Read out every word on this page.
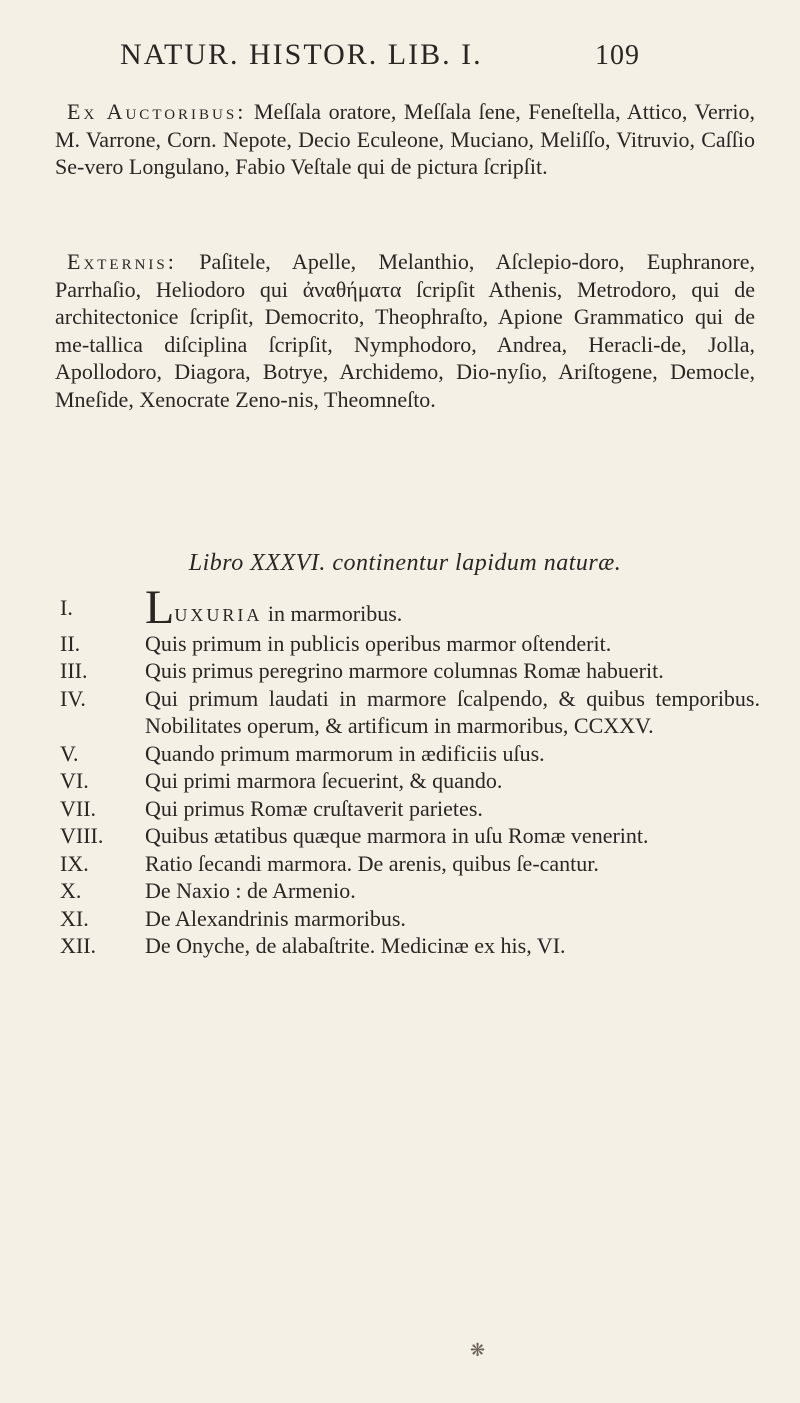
NATUR. HISTOR. LIB. I.	109

Ex Auctoribus: Meſſala oratore, Meſſala ſene, Feneſtella, Attico, Verrio, M. Varrone, Corn. Nepote, Decio Eculeone, Muciano, Meliſſo, Vitruvio, Caſſio Se‑vero Longulano, Fabio Veſtale qui de pictura ſcripſit.

Externis: Paſitele, Apelle, Melanthio, Aſclepio-doro, Euphranore, Parrhaſio, Heliodoro qui ἀναθήματα ſcripſit Athenis, Metrodoro, qui de architectonice ſcripſit, Democrito, Theophraſto, Apione Grammatico qui de me-tallica diſciplina ſcripſit, Nymphodoro, Andrea, Heracli-de, Jolla, Apollodoro, Diagora, Botrye, Archidemo, Dio-nyſio, Ariſtogene, Democle, Mneſide, Xenocrate Zeno-nis, Theomneſto.

Libro XXXVI. continentur lapidum naturæ.
I.	LUXURIA in marmoribus.
II.	Quis primum in publicis operibus marmor oſtenderit.
III.	Quis primus peregrino marmore columnas Romæ habuerit.
IV.	Qui primum laudati in marmore ſcalpendo, & quibus temporibus. Nobilitates operum, & artificum in marmoribus, CCXXV.
V.	Quando primum marmorum in ædificiis uſus.
VI.	Qui primi marmora ſecuerint, & quando.
VII.	Qui primus Romæ cruſtaverit parietes.
VIII.	Quibus ætatibus quæque marmora in uſu Romæ venerint.
IX.	Ratio ſecandi marmora. De arenis, quibus ſe-cantur.
X.	De Naxio : de Armenio.
XI.	De Alexandrinis marmoribus.
XII.	De Onyche, de alabaſtrite. Medicinæ ex his, VI.
❋
